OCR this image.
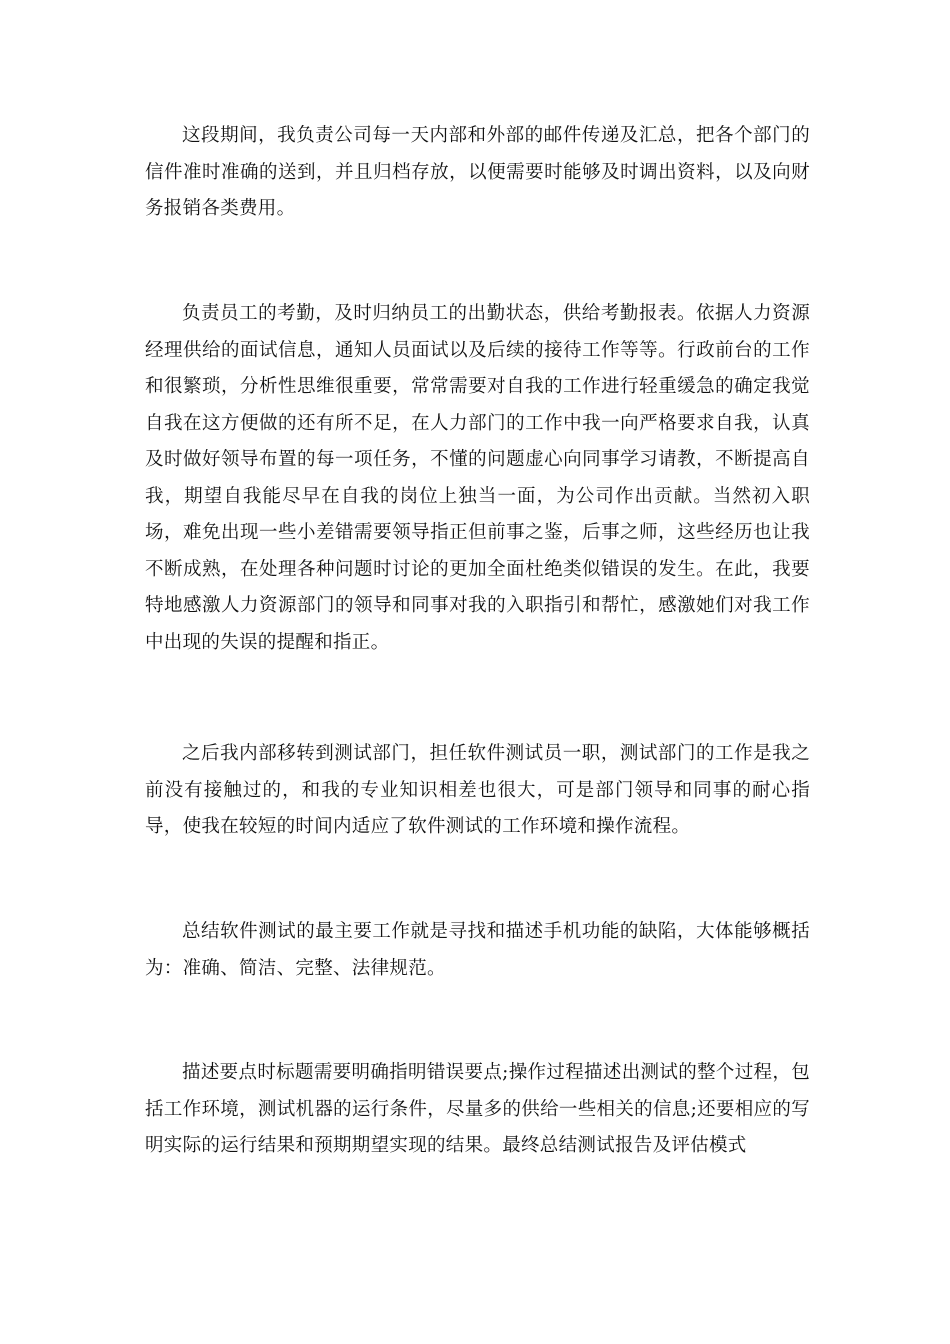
这段期间，我负责公司每一天内部和外部的邮件传递及汇总，把各个部门的信件准时准确的送到，并且归档存放，以便需要时能够及时调出资料，以及向财务报销各类费用。

负责员工的考勤，及时归纳员工的出勤状态，供给考勤报表。依据人力资源经理供给的面试信息，通知人员面试以及后续的接待工作等等。行政前台的工作和很繁琐，分析性思维很重要，常常需要对自我的工作进行轻重缓急的确定我觉自我在这方便做的还有所不足，在人力部门的工作中我一向严格要求自我，认真及时做好领导布置的每一项任务，不懂的问题虚心向同事学习请教，不断提高自我，期望自我能尽早在自我的岗位上独当一面，为公司作出贡献。当然初入职场，难免出现一些小差错需要领导指正但前事之鉴，后事之师，这些经历也让我不断成熟，在处理各种问题时讨论的更加全面杜绝类似错误的发生。在此，我要特地感激人力资源部门的领导和同事对我的入职指引和帮忙，感激她们对我工作中出现的失误的提醒和指正。

之后我内部移转到测试部门，担任软件测试员一职，测试部门的工作是我之前没有接触过的，和我的专业知识相差也很大，可是部门领导和同事的耐心指导，使我在较短的时间内适应了软件测试的工作环境和操作流程。

总结软件测试的最主要工作就是寻找和描述手机功能的缺陷，大体能够概括为：准确、简洁、完整、法律规范。

描述要点时标题需要明确指明错误要点;操作过程描述出测试的整个过程，包括工作环境，测试机器的运行条件，尽量多的供给一些相关的信息;还要相应的写明实际的运行结果和预期期望实现的结果。最终总结测试报告及评估模式
